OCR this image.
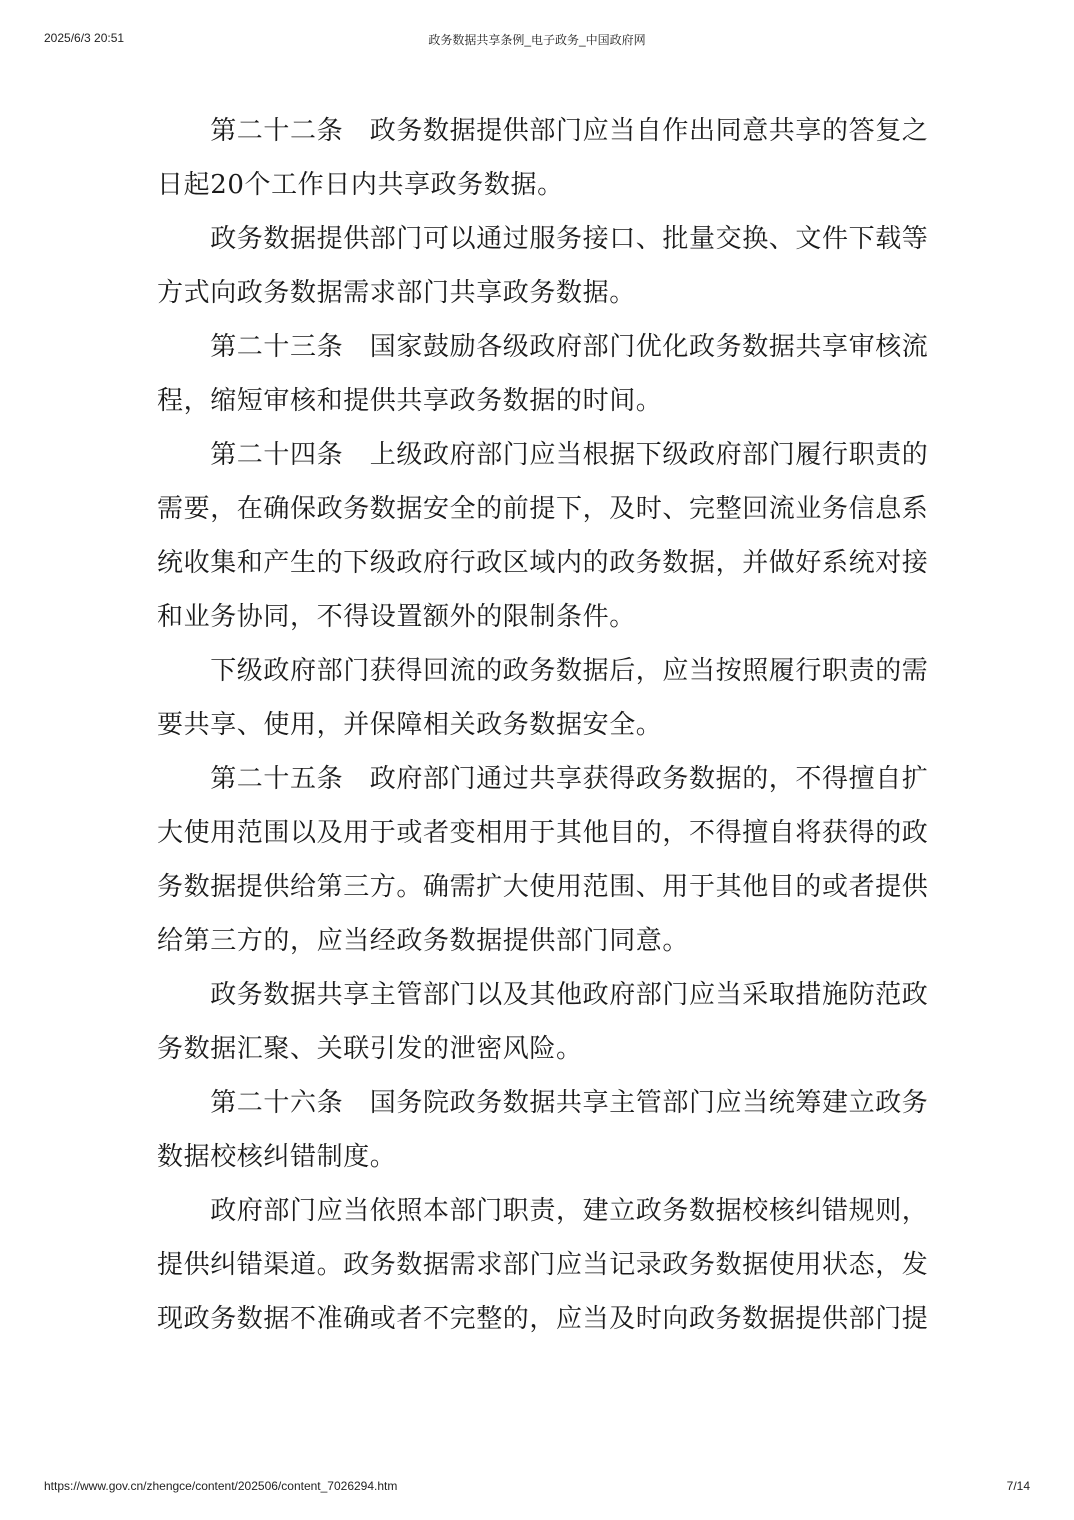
2025/6/3 20:51	政务数据共享条例_电子政务_中国政府网
　　第二十二条　政务数据提供部门应当自作出同意共享的答复之
日起20个工作日内共享政务数据。
　　政务数据提供部门可以通过服务接口、批量交换、文件下载等
方式向政务数据需求部门共享政务数据。
　　第二十三条　国家鼓励各级政府部门优化政务数据共享审核流
程，缩短审核和提供共享政务数据的时间。
　　第二十四条　上级政府部门应当根据下级政府部门履行职责的
需要，在确保政务数据安全的前提下，及时、完整回流业务信息系
统收集和产生的下级政府行政区域内的政务数据，并做好系统对接
和业务协同，不得设置额外的限制条件。
　　下级政府部门获得回流的政务数据后，应当按照履行职责的需
要共享、使用，并保障相关政务数据安全。
　　第二十五条　政府部门通过共享获得政务数据的，不得擅自扩
大使用范围以及用于或者变相用于其他目的，不得擅自将获得的政
务数据提供给第三方。确需扩大使用范围、用于其他目的或者提供
给第三方的，应当经政务数据提供部门同意。
　　政务数据共享主管部门以及其他政府部门应当采取措施防范政
务数据汇聚、关联引发的泄密风险。
　　第二十六条　国务院政务数据共享主管部门应当统筹建立政务
数据校核纠错制度。
　　政府部门应当依照本部门职责，建立政务数据校核纠错规则，
提供纠错渠道。政务数据需求部门应当记录政务数据使用状态，发
现政务数据不准确或者不完整的，应当及时向政务数据提供部门提
https://www.gov.cn/zhengce/content/202506/content_7026294.htm	7/14
